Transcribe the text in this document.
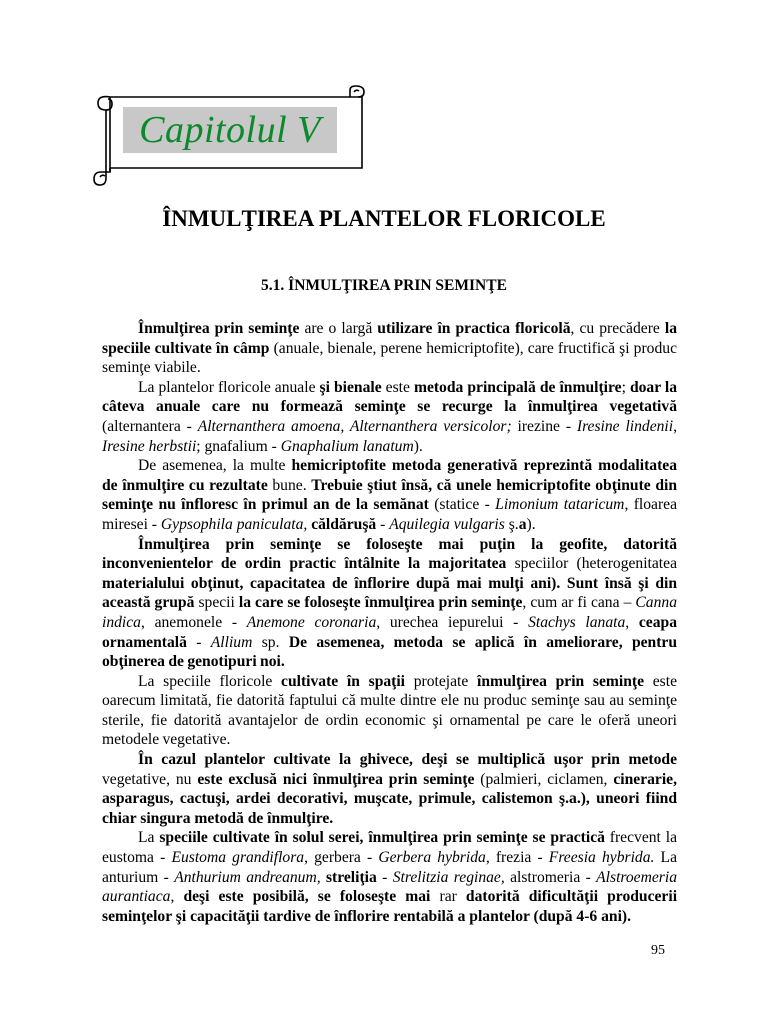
Capitolul V
ÎNMULŢIREA PLANTELOR FLORICOLE
5.1. ÎNMULŢIREA PRIN SEMINŢE

Înmulţirea prin seminţe are o largă utilizare în practica floricolă, cu precădere la speciile cultivate în câmp (anuale, bienale, perene hemicriptofite), care fructifică şi produc seminţe viabile.

La plantelor floricole anuale şi bienale este metoda principală de înmulţire; doar la câteva anuale care nu formează seminţe se recurge la înmulţirea vegetativă (alternantera - Alternanthera amoena, Alternanthera versicolor; irezine - Iresine lindenii, Iresine herbstii; gnafalium - Gnaphalium lanatum).

De asemenea, la multe hemicriptofite metoda generativă reprezintă modalitatea de înmulţire cu rezultate bune. Trebuie ştiut însă, că unele hemicriptofite obţinute din seminţe nu înfloresc în primul an de la semănat (statice - Limonium tataricum, floarea miresei - Gypsophila paniculata, căldăruşă - Aquilegia vulgaris ş.a).

Înmulţirea prin seminţe se foloseşte mai puţin la geofite, datorită inconvenientelor de ordin practic întâlnite la majoritatea speciilor (heterogenitatea materialului obţinut, capacitatea de înflorire după mai mulţi ani). Sunt însă şi din această grupă specii la care se foloseşte înmulţirea prin seminţe, cum ar fi cana – Canna indica, anemonele - Anemone coronaria, urechea iepurelui - Stachys lanata, ceapa ornamentală - Allium sp. De asemenea, metoda se aplică în ameliorare, pentru obţinerea de genotipuri noi.

La speciile floricole cultivate în spaţii protejate înmulţirea prin seminţe este oarecum limitată, fie datorită faptului că multe dintre ele nu produc seminţe sau au seminţe sterile, fie datorită avantajelor de ordin economic şi ornamental pe care le oferă uneori metodele vegetative.

În cazul plantelor cultivate la ghivece, deşi se multiplică uşor prin metode vegetative, nu este exclusă nici înmulţirea prin seminţe (palmieri, ciclamen, cinerarie, asparagus, cactuşi, ardei decorativi, muşcate, primule, calistemon ş.a.), uneori fiind chiar singura metodă de înmulţire.

La speciile cultivate în solul serei, înmulţirea prin seminţe se practică frecvent la eustoma - Eustoma grandiflora, gerbera - Gerbera hybrida, frezia - Freesia hybrida. La anturium - Anthurium andreanum, streliţia - Strelitzia reginae, alstromeria - Alstroemeria aurantiaca, deşi este posibilă, se foloseşte mai rar datorită dificultăţii producerii seminţelor şi capacităţii tardive de înflorire rentabilă a plantelor (după 4-6 ani).

95
